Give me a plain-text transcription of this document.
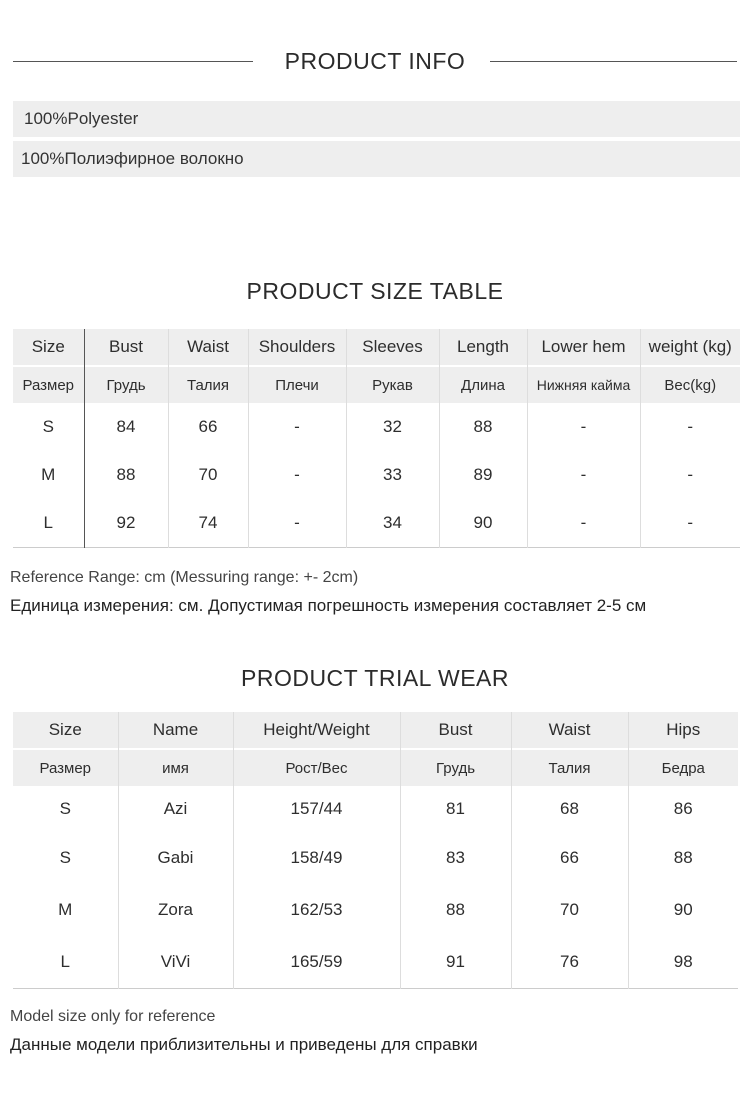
PRODUCT INFO
100%Polyester
100%Полиэфирное волокно
PRODUCT SIZE TABLE
Size	Bust	Waist	Shoulders	Sleeves	Length	Lower hem	weight (kg)

Размер	Грудь	Талия	Плечи	Рукав	Длина	Нижняя кайма	Вес(kg)
S	84	66	-	32	88	-	-
M	88	70	-	33	89	-	-
L	92	74	-	34	90	-	-
Reference Range: cm (Messuring range: +- 2cm)
Единица измерения: см. Допустимая погрешность измерения составляет 2-5 см
PRODUCT TRIAL WEAR
Size	Name	Height/Weight	Bust	Waist	Hips

Размер	имя	Рост/Вес	Грудь	Талия	Бедра
S	Azi	157/44	81	68	86
S	Gabi	158/49	83	66	88
M	Zora	162/53	88	70	90
L	ViVi	165/59	91	76	98
Model size only for reference
Данные модели приблизительны и приведены для справки
